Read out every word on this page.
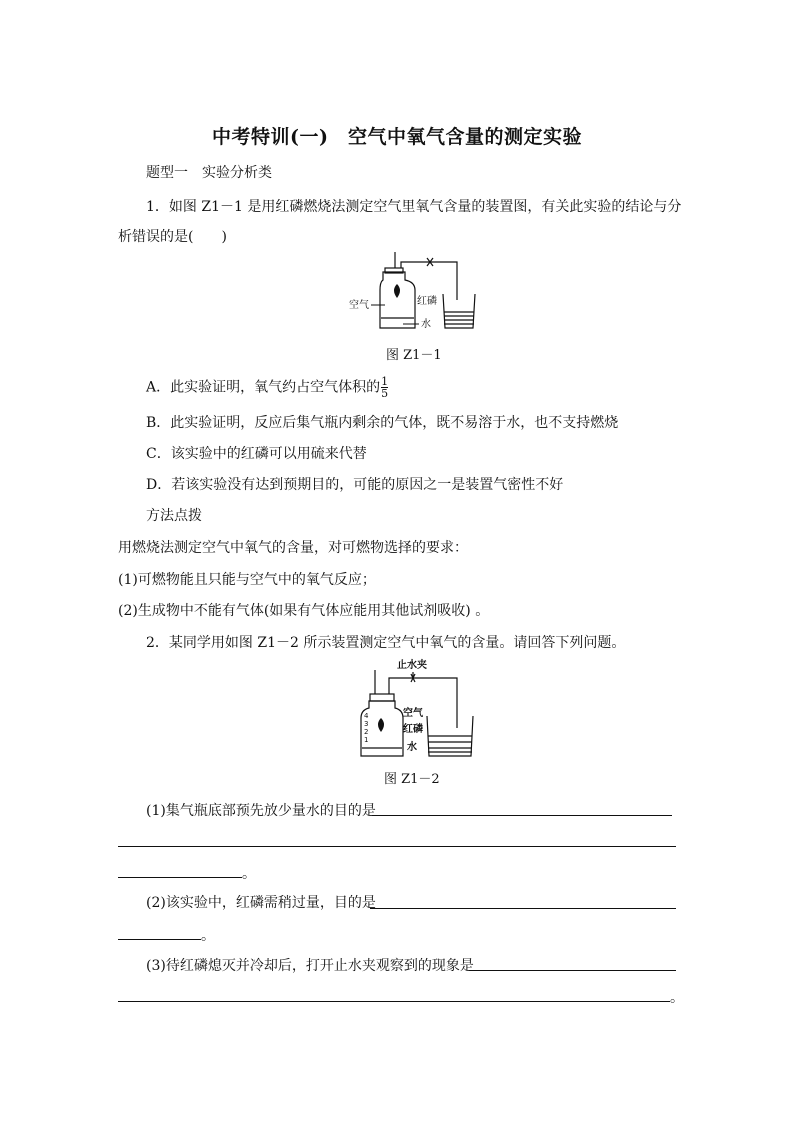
中考特训(一)　空气中氧气含量的测定实验
题型一　实验分析类
1．如图 Z1－1 是用红磷燃烧法测定空气里氧气含量的装置图，有关此实验的结论与分
析错误的是(　　)
空气	红磷
水
图 Z1－1
A．此实验证明，氧气约占空气体积的 $\frac{1}{5}$
B．此实验证明，反应后集气瓶内剩余的气体，既不易溶于水，也不支持燃烧
C．该实验中的红磷可以用硫来代替
D．若该实验没有达到预期目的，可能的原因之一是装置气密性不好
方法点拨
用燃烧法测定空气中氧气的含量，对可燃物选择的要求：
(1)可燃物能且只能与空气中的氧气反应；
(2)生成物中不能有气体(如果有气体应能用其他试剂吸收) 。
2．某同学用如图 Z1－2 所示装置测定空气中氧气的含量。请回答下列问题。
止水夹
4
3
2
1
空气
红磷
水
图 Z1－2
(1)集气瓶底部预先放少量水的目的是
。
(2)该实验中，红磷需稍过量，目的是
。
(3)待红磷熄灭并冷却后，打开止水夹观察到的现象是
。
